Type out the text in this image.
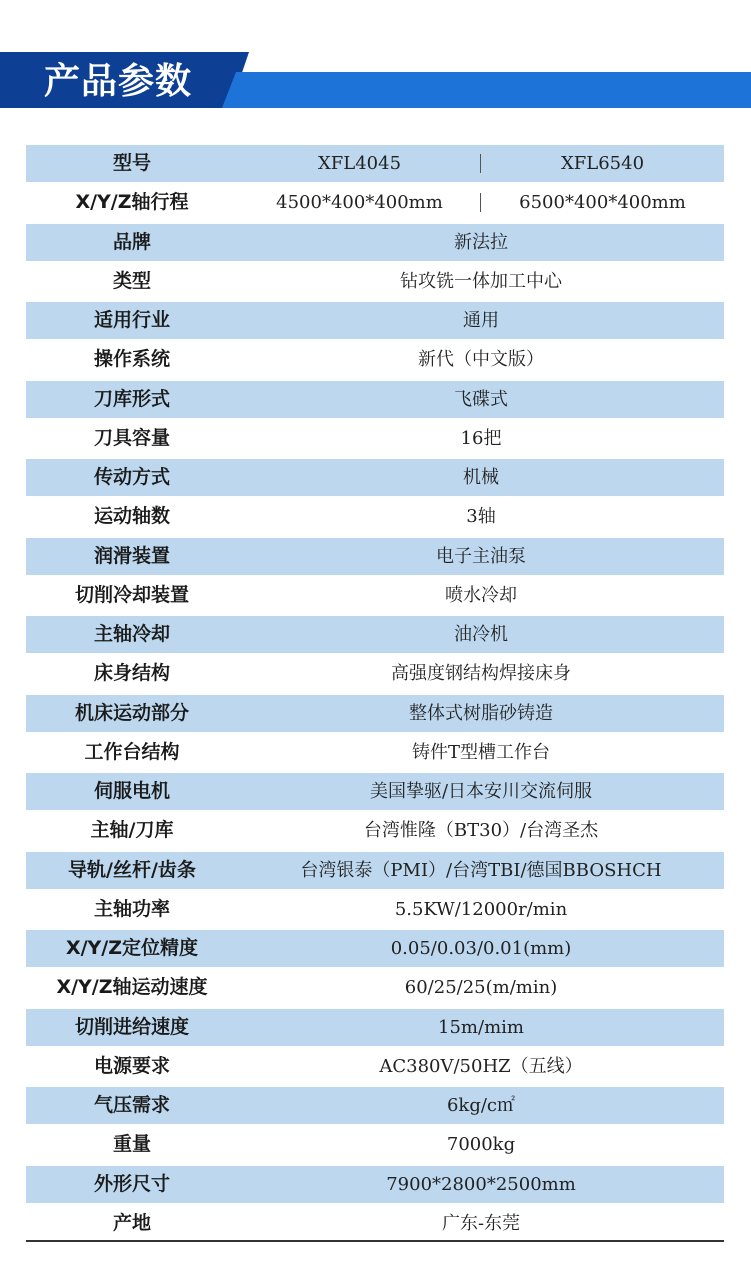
产品参数
型号	XFL4045	XFL6540
X/Y/Z轴行程	4500*400*400mm	6500*400*400mm
品牌	新法拉
类型	钻攻铣一体加工中心
适用行业	通用
操作系统	新代（中文版）
刀库形式	飞碟式
刀具容量	16把
传动方式	机械
运动轴数	3轴
润滑装置	电子主油泵
切削冷却装置	喷水冷却
主轴冷却	油冷机
床身结构	高强度钢结构焊接床身
机床运动部分	整体式树脂砂铸造
工作台结构	铸件T型槽工作台
伺服电机	美国挚驱/日本安川交流伺服
主轴/刀库	台湾惟隆（BT30）/台湾圣杰
导轨/丝杆/齿条	台湾银泰（PMI）/台湾TBI/德国BBOSHCH
主轴功率	5.5KW/12000r/min
X/Y/Z定位精度	0.05/0.03/0.01(mm)
X/Y/Z轴运动速度	60/25/25(m/min)
切削进给速度	15m/mim
电源要求	AC380V/50HZ（五线）
气压需求	6kg/c㎡
重量	7000kg
外形尺寸	7900*2800*2500mm
产地	广东-东莞
